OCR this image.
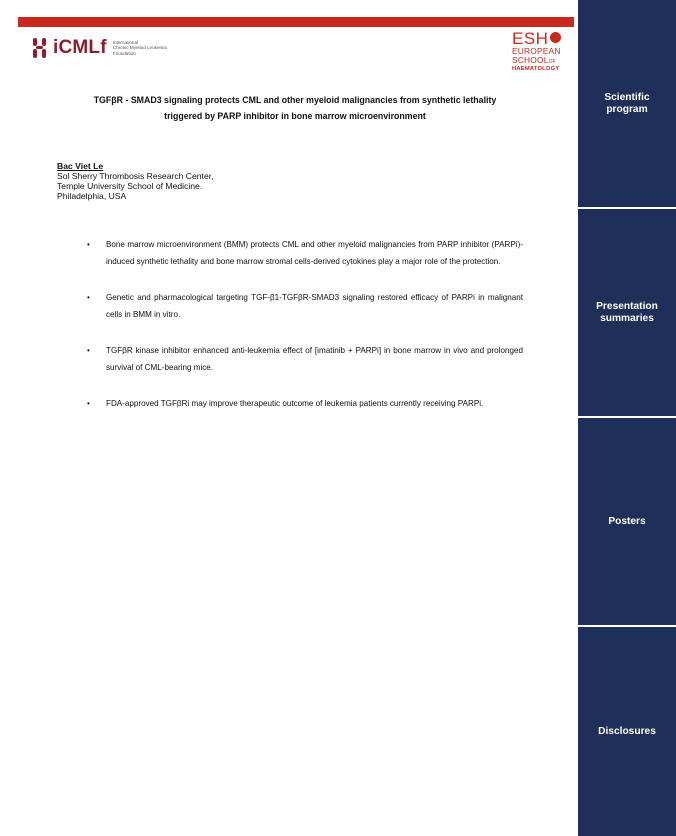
iCMLf International
Chronic Myeloid Leukemia
Foundation
ESH
EUROPEAN
SCHOOLOF
HAEMATOLOGY
TGFβR - SMAD3 signaling protects CML and other myeloid malignancies from synthetic lethality
triggered by PARP inhibitor in bone marrow microenvironment
Bac Viet Le
Sol Sherry Thrombosis Research Center,
Temple University School of Medicine.
Philadelphia, USA
• Bone marrow microenvironment (BMM) protects CML and other myeloid malignancies from PARP inhibitor (PARPi)-induced synthetic lethality and bone marrow stromal cells-derived cytokines play a major role of the protection.
• Genetic and pharmacological targeting TGF-β1-TGFβR-SMAD3 signaling restored efficacy of PARPi in malignant cells in BMM in vitro.
• TGFβR kinase inhibitor enhanced anti-leukemia effect of [imatinib + PARPi] in bone marrow in vivo and prolonged survival of CML-bearing mice.
• FDA-approved TGFβRi may improve therapeutic outcome of leukemia patients currently receiving PARPi.
Scientific
program
Presentation
summaries
Posters
Disclosures
